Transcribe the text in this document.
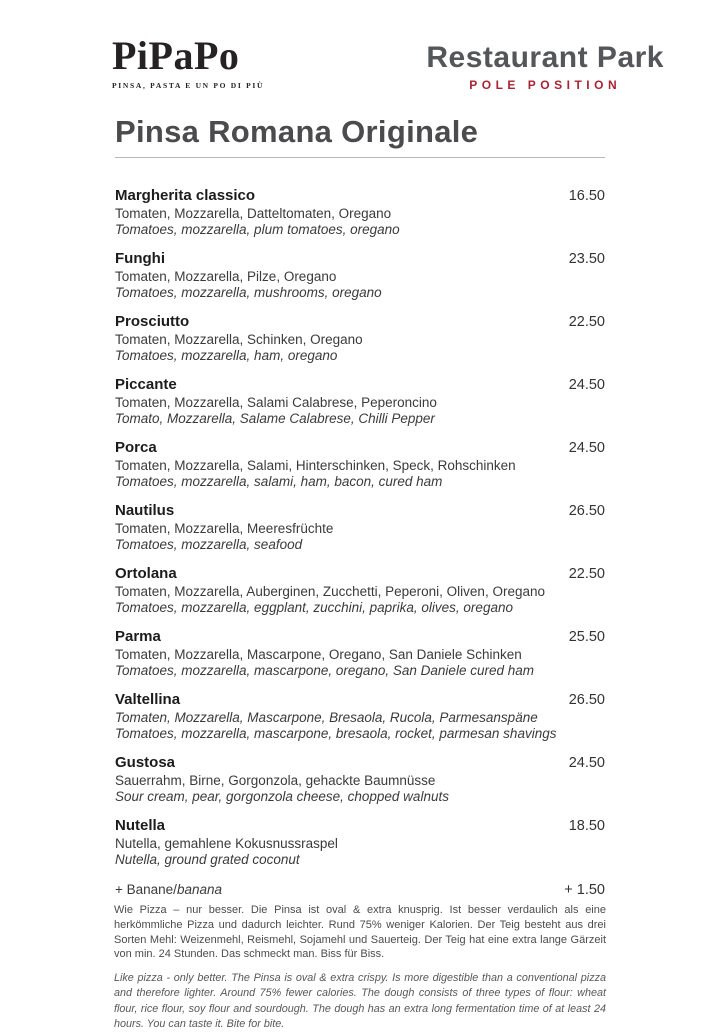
PiPaPo
PINSA, PASTA E UN PO DI PIÙ
Restaurant Park
POLE POSITION
Pinsa Romana Originale
Margherita classico	16.50
Tomaten, Mozzarella, Datteltomaten, Oregano
Tomatoes, mozzarella, plum tomatoes, oregano
Funghi	23.50
Tomaten, Mozzarella, Pilze, Oregano
Tomatoes, mozzarella, mushrooms, oregano
Prosciutto	22.50
Tomaten, Mozzarella, Schinken, Oregano
Tomatoes, mozzarella, ham, oregano
Piccante	24.50
Tomaten, Mozzarella, Salami Calabrese, Peperoncino
Tomato, Mozzarella, Salame Calabrese, Chilli Pepper
Porca	24.50
Tomaten, Mozzarella, Salami, Hinterschinken, Speck, Rohschinken
Tomatoes, mozzarella, salami, ham, bacon, cured ham
Nautilus	26.50
Tomaten, Mozzarella, Meeresfrüchte
Tomatoes, mozzarella, seafood
Ortolana	22.50
Tomaten, Mozzarella, Auberginen, Zucchetti, Peperoni, Oliven, Oregano
Tomatoes, mozzarella, eggplant, zucchini, paprika, olives, oregano
Parma	25.50
Tomaten, Mozzarella, Mascarpone, Oregano, San Daniele Schinken
Tomatoes, mozzarella, mascarpone, oregano, San Daniele cured ham
Valtellina	26.50
Tomaten, Mozzarella, Mascarpone, Bresaola, Rucola, Parmesanspäne
Tomatoes, mozzarella, mascarpone, bresaola, rocket, parmesan shavings
Gustosa	24.50
Sauerrahm, Birne, Gorgonzola, gehackte Baumnüsse
Sour cream, pear, gorgonzola cheese, chopped walnuts
Nutella	18.50
Nutella, gemahlene Kokusnussraspel
Nutella, ground grated coconut
+ Banane/banana	+ 1.50

Wie Pizza – nur besser. Die Pinsa ist oval & extra knusprig. Ist besser verdaulich als eine herkömmliche Pizza und dadurch leichter. Rund 75% weniger Kalorien. Der Teig besteht aus drei Sorten Mehl: Weizenmehl, Reismehl, Sojamehl und Sauerteig. Der Teig hat eine extra lange Gärzeit von min. 24 Stunden. Das schmeckt man. Biss für Biss.

Like pizza - only better. The Pinsa is oval & extra crispy. Is more digestible than a conventional pizza and therefore lighter. Around 75% fewer calories. The dough consists of three types of flour: wheat flour, rice flour, soy flour and sourdough. The dough has an extra long fermentation time of at least 24 hours. You can taste it. Bite for bite.
